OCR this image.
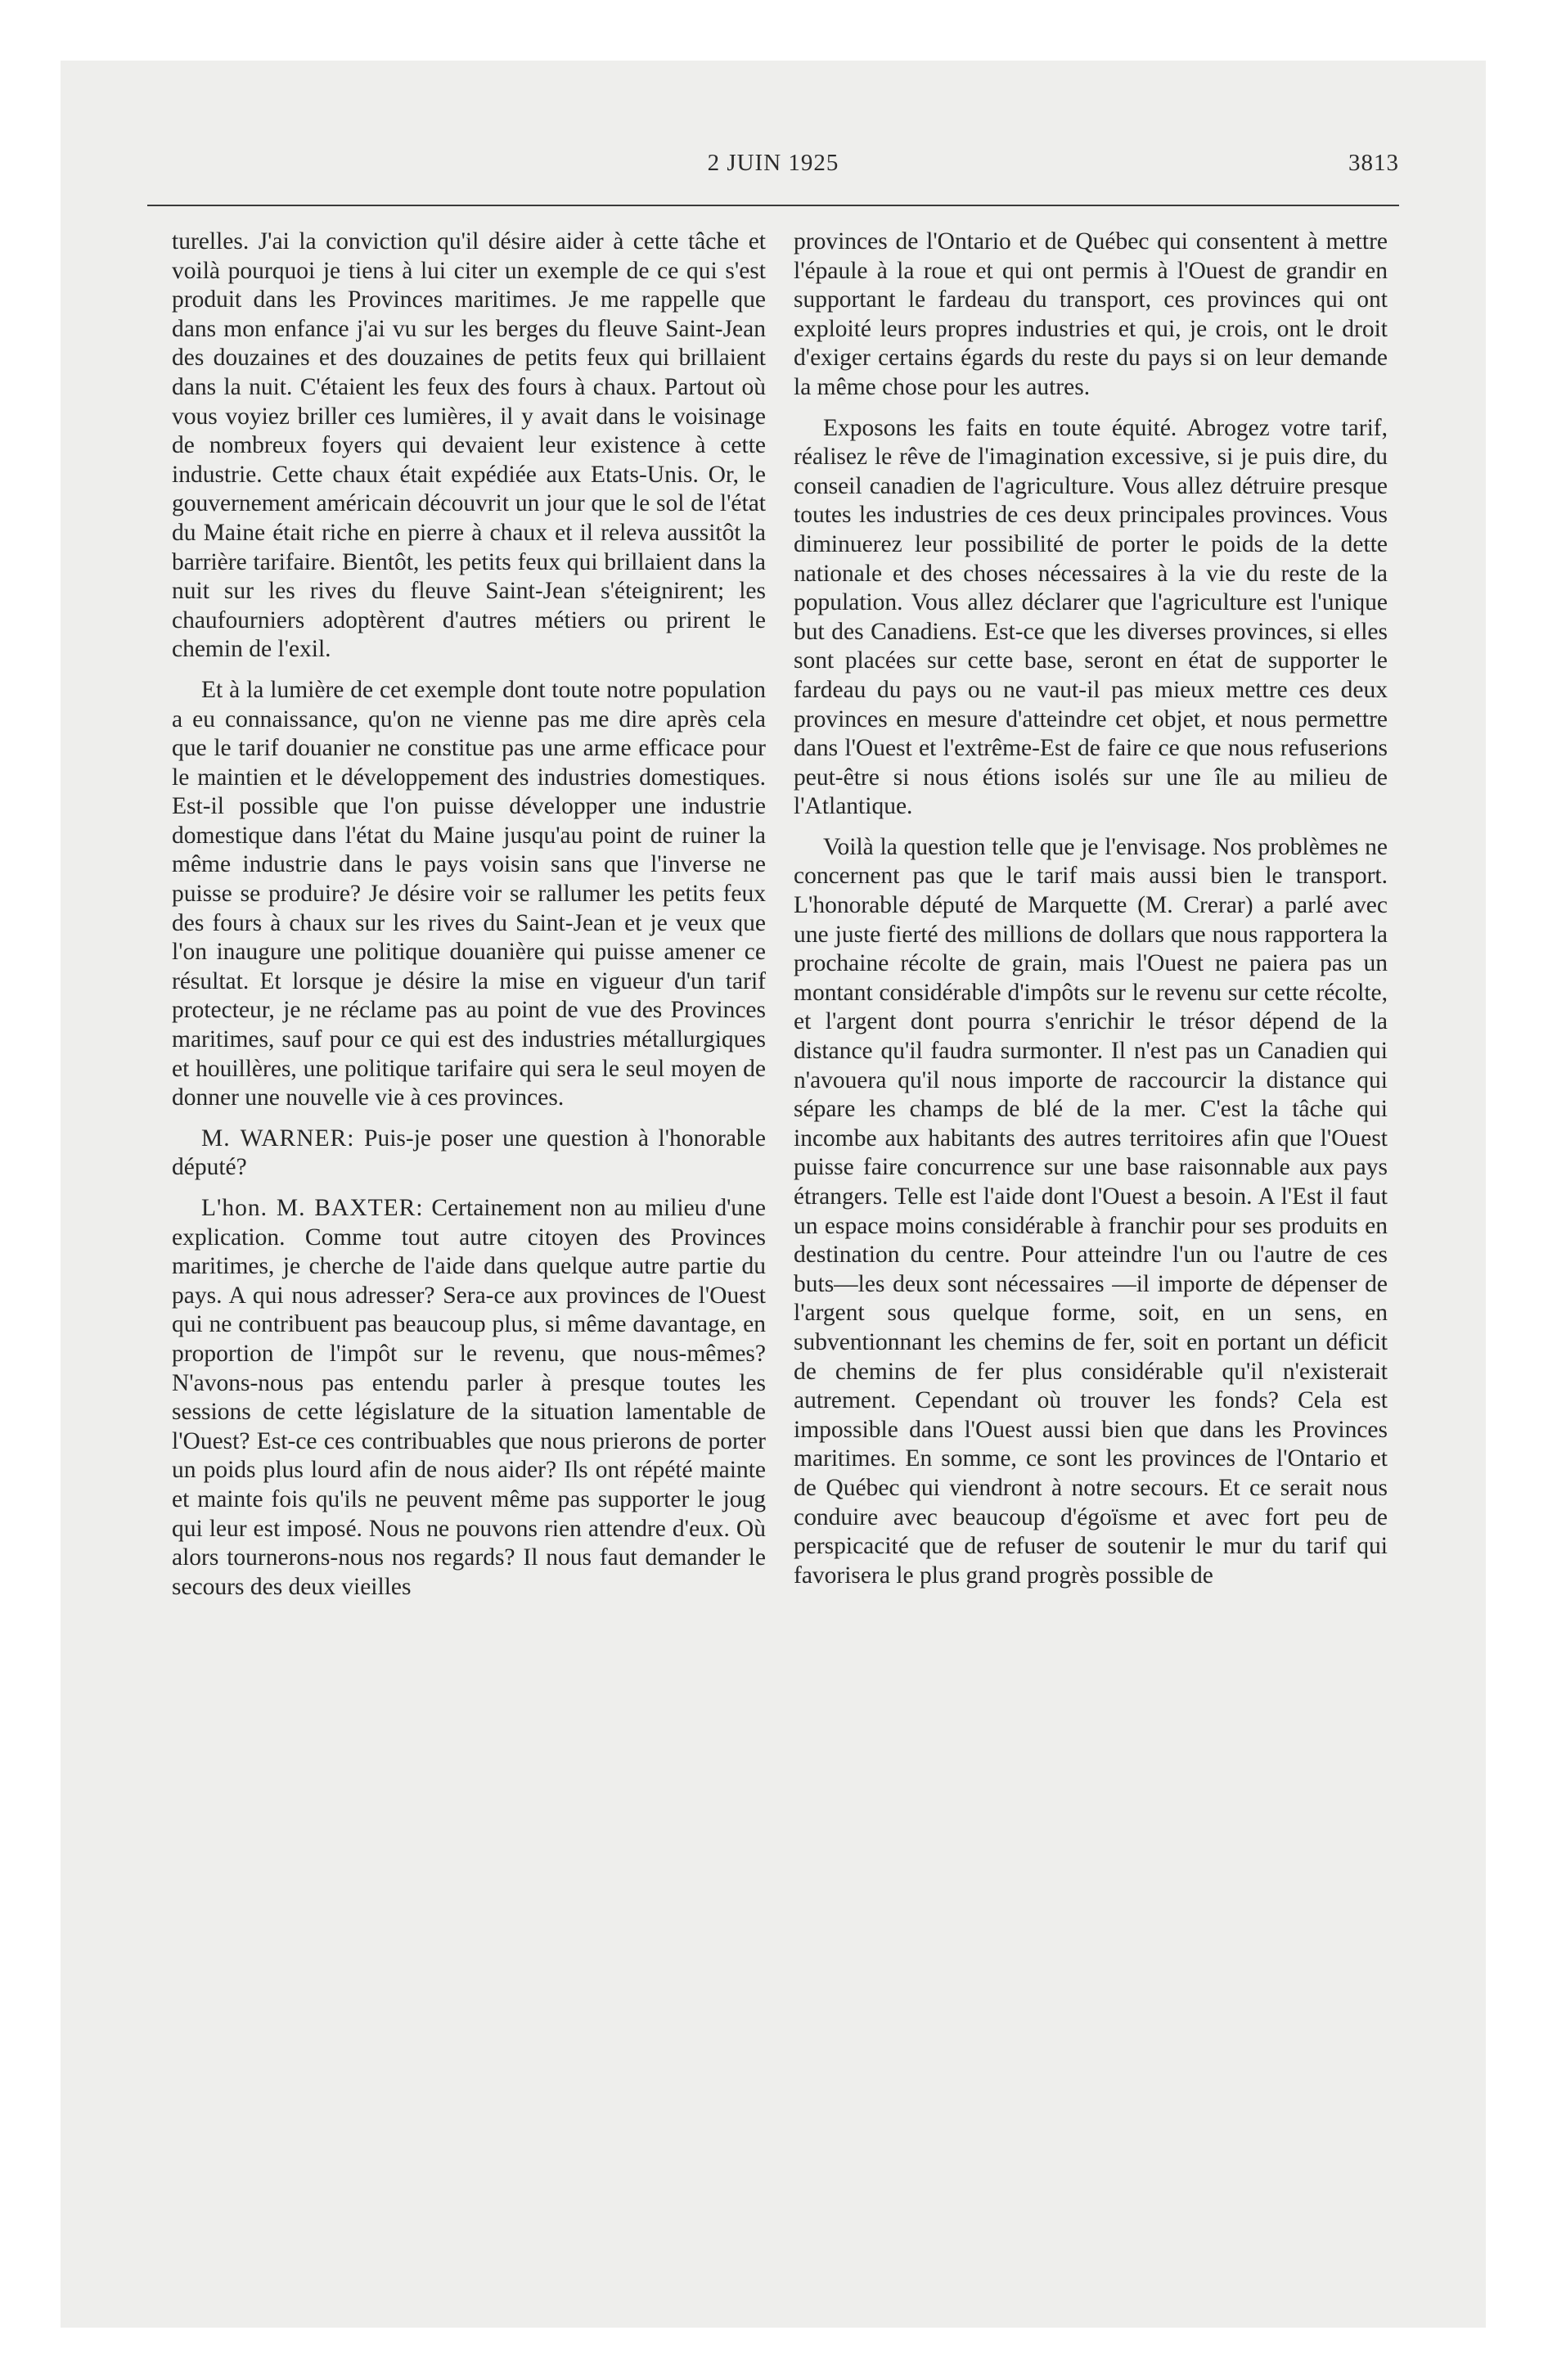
2 JUIN 1925	3813

turelles. J'ai la conviction qu'il désire aider à cette tâche et voilà pourquoi je tiens à lui citer un exemple de ce qui s'est produit dans les Provinces maritimes. Je me rappelle que dans mon enfance j'ai vu sur les berges du fleuve Saint-Jean des douzaines et des douzaines de petits feux qui brillaient dans la nuit. C'étaient les feux des fours à chaux. Partout où vous voyiez briller ces lumières, il y avait dans le voisinage de nombreux foyers qui devaient leur existence à cette industrie. Cette chaux était expédiée aux Etats-Unis. Or, le gouvernement américain découvrit un jour que le sol de l'état du Maine était riche en pierre à chaux et il releva aussitôt la barrière tarifaire. Bientôt, les petits feux qui brillaient dans la nuit sur les rives du fleuve Saint-Jean s'éteignirent; les chaufourniers adoptèrent d'autres métiers ou prirent le chemin de l'exil.

Et à la lumière de cet exemple dont toute notre population a eu connaissance, qu'on ne vienne pas me dire après cela que le tarif douanier ne constitue pas une arme efficace pour le maintien et le développement des industries domestiques. Est-il possible que l'on puisse développer une industrie domestique dans l'état du Maine jusqu'au point de ruiner la même industrie dans le pays voisin sans que l'inverse ne puisse se produire? Je désire voir se rallumer les petits feux des fours à chaux sur les rives du Saint-Jean et je veux que l'on inaugure une politique douanière qui puisse amener ce résultat. Et lorsque je désire la mise en vigueur d'un tarif protecteur, je ne réclame pas au point de vue des Provinces maritimes, sauf pour ce qui est des industries métallurgiques et houillères, une politique tarifaire qui sera le seul moyen de donner une nouvelle vie à ces provinces.

M. WARNER: Puis-je poser une question à l'honorable député?

L'hon. M. BAXTER: Certainement non au milieu d'une explication. Comme tout autre citoyen des Provinces maritimes, je cherche de l'aide dans quelque autre partie du pays. A qui nous adresser? Sera-ce aux provinces de l'Ouest qui ne contribuent pas beaucoup plus, si même davantage, en proportion de l'impôt sur le revenu, que nous-mêmes? N'avons-nous pas entendu parler à presque toutes les sessions de cette législature de la situation lamentable de l'Ouest? Est-ce ces contribuables que nous prierons de porter un poids plus lourd afin de nous aider? Ils ont répété mainte et mainte fois qu'ils ne peuvent même pas supporter le joug qui leur est imposé. Nous ne pouvons rien attendre d'eux. Où alors tournerons-nous nos regards? Il nous faut demander le secours des deux vieilles

provinces de l'Ontario et de Québec qui consentent à mettre l'épaule à la roue et qui ont permis à l'Ouest de grandir en supportant le fardeau du transport, ces provinces qui ont exploité leurs propres industries et qui, je crois, ont le droit d'exiger certains égards du reste du pays si on leur demande la même chose pour les autres.

Exposons les faits en toute équité. Abrogez votre tarif, réalisez le rêve de l'imagination excessive, si je puis dire, du conseil canadien de l'agriculture. Vous allez détruire presque toutes les industries de ces deux principales provinces. Vous diminuerez leur possibilité de porter le poids de la dette nationale et des choses nécessaires à la vie du reste de la population. Vous allez déclarer que l'agriculture est l'unique but des Canadiens. Est-ce que les diverses provinces, si elles sont placées sur cette base, seront en état de supporter le fardeau du pays ou ne vaut-il pas mieux mettre ces deux provinces en mesure d'atteindre cet objet, et nous permettre dans l'Ouest et l'extrême-Est de faire ce que nous refuserions peut-être si nous étions isolés sur une île au milieu de l'Atlantique.

Voilà la question telle que je l'envisage. Nos problèmes ne concernent pas que le tarif mais aussi bien le transport. L'honorable député de Marquette (M. Crerar) a parlé avec une juste fierté des millions de dollars que nous rapportera la prochaine récolte de grain, mais l'Ouest ne paiera pas un montant considérable d'impôts sur le revenu sur cette récolte, et l'argent dont pourra s'enrichir le trésor dépend de la distance qu'il faudra surmonter. Il n'est pas un Canadien qui n'avouera qu'il nous importe de raccourcir la distance qui sépare les champs de blé de la mer. C'est la tâche qui incombe aux habitants des autres territoires afin que l'Ouest puisse faire concurrence sur une base raisonnable aux pays étrangers. Telle est l'aide dont l'Ouest a besoin. A l'Est il faut un espace moins considérable à franchir pour ses produits en destination du centre. Pour atteindre l'un ou l'autre de ces buts—les deux sont nécessaires —il importe de dépenser de l'argent sous quelque forme, soit, en un sens, en subventionnant les chemins de fer, soit en portant un déficit de chemins de fer plus considérable qu'il n'existerait autrement. Cependant où trouver les fonds? Cela est impossible dans l'Ouest aussi bien que dans les Provinces maritimes. En somme, ce sont les provinces de l'Ontario et de Québec qui viendront à notre secours. Et ce serait nous conduire avec beaucoup d'égoïsme et avec fort peu de perspicacité que de refuser de soutenir le mur du tarif qui favorisera le plus grand progrès possible de
